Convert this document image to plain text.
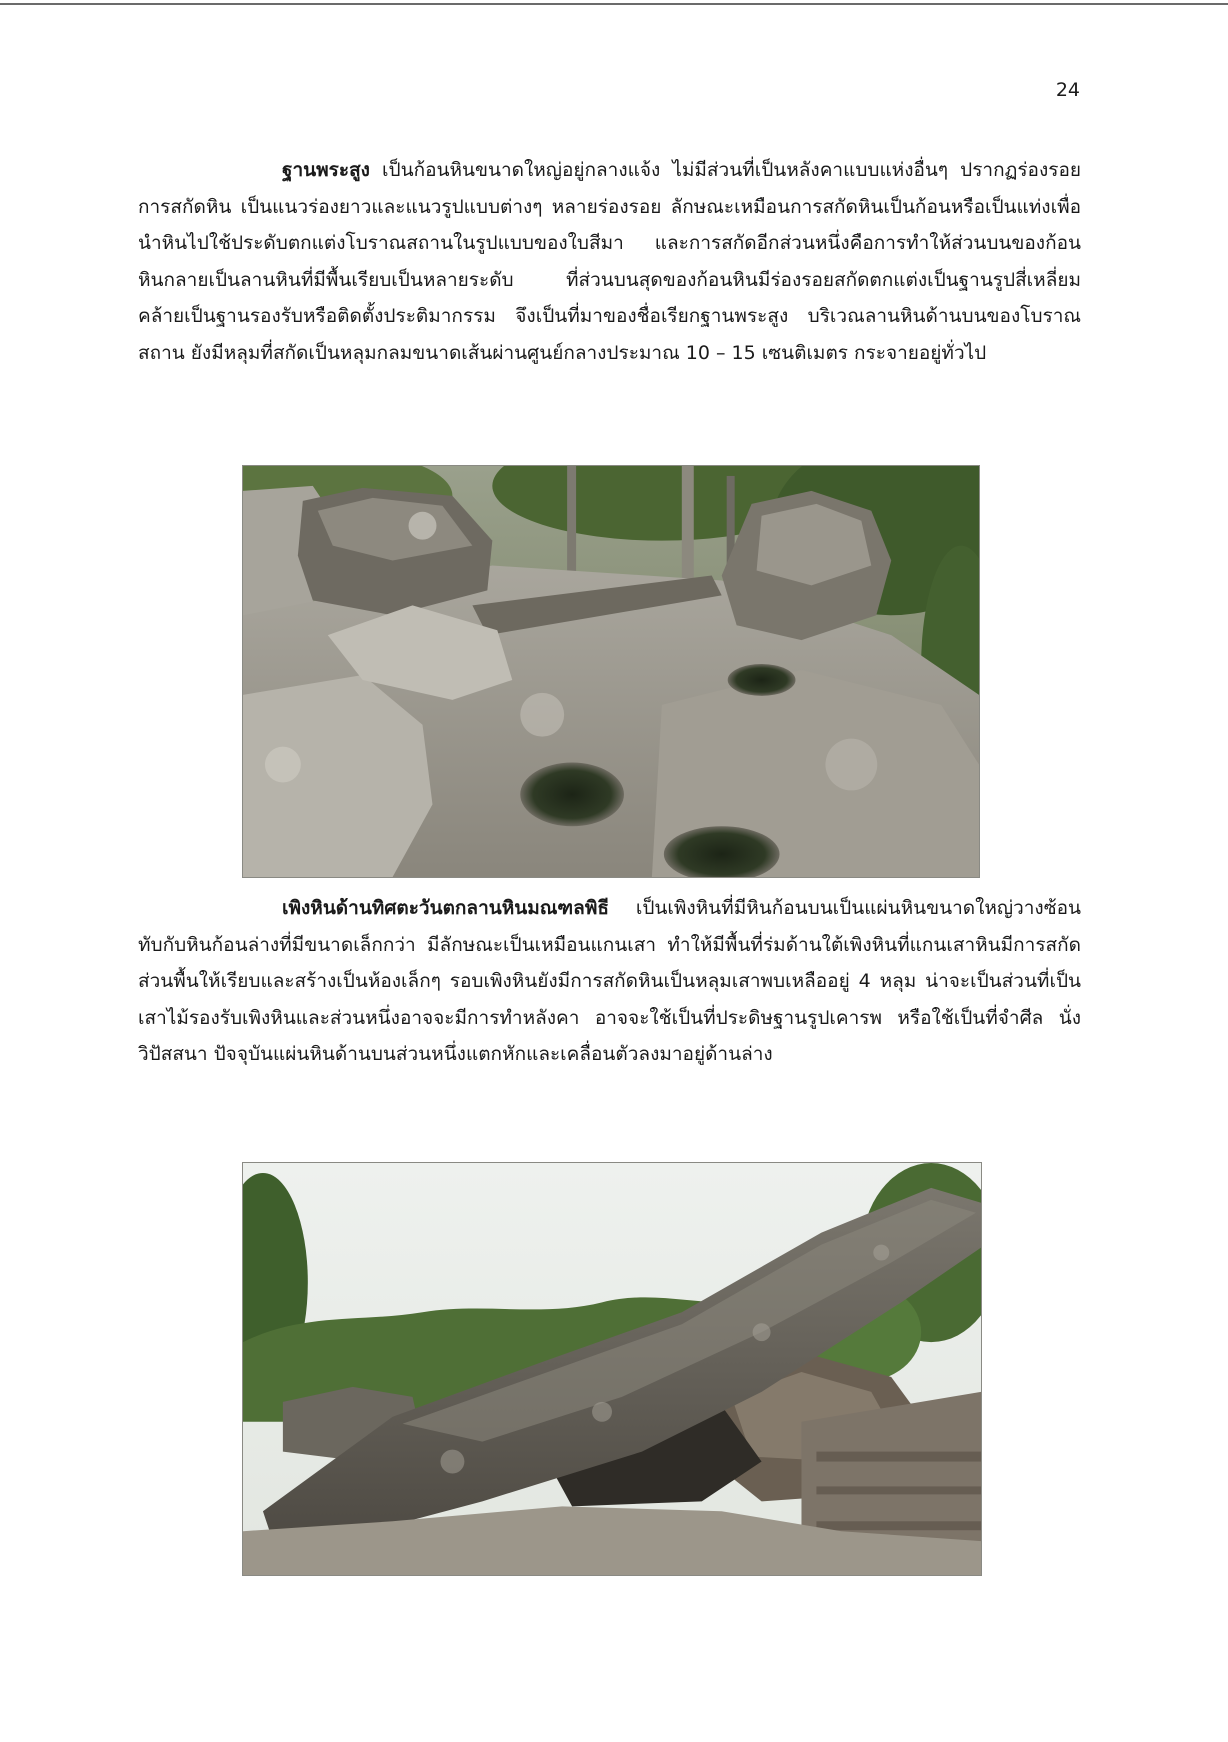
24

ฐานพระสูง เป็นก้อนหินขนาดใหญ่อยู่กลางแจ้ง ไม่มีส่วนที่เป็นหลังคาแบบแห่งอื่นๆ ปรากฏร่องรอยการสกัดหิน เป็นแนวร่องยาวและแนวรูปแบบต่างๆ หลายร่องรอย ลักษณะเหมือนการสกัดหินเป็นก้อนหรือเป็นแท่งเพื่อนำหินไปใช้ประดับตกแต่งโบราณสถานในรูปแบบของใบสีมา และการสกัดอีกส่วนหนึ่งคือการทำให้ส่วนบนของก้อนหินกลายเป็นลานหินที่มีพื้นเรียบเป็นหลายระดับ ที่ส่วนบนสุดของก้อนหินมีร่องรอยสกัดตกแต่งเป็นฐานรูปสี่เหลี่ยม คล้ายเป็นฐานรองรับหรือติดตั้งประติมากรรม จึงเป็นที่มาของชื่อเรียกฐานพระสูง บริเวณลานหินด้านบนของโบราณสถาน ยังมีหลุมที่สกัดเป็นหลุมกลมขนาดเส้นผ่านศูนย์กลางประมาณ 10 – 15 เซนติเมตร กระจายอยู่ทั่วไป

เพิงหินด้านทิศตะวันตกลานหินมณฑลพิธี เป็นเพิงหินที่มีหินก้อนบนเป็นแผ่นหินขนาดใหญ่วางซ้อนทับกับหินก้อนล่างที่มีขนาดเล็กกว่า มีลักษณะเป็นเหมือนแกนเสา ทำให้มีพื้นที่ร่มด้านใต้เพิงหินที่แกนเสาหินมีการสกัดส่วนพื้นให้เรียบและสร้างเป็นห้องเล็กๆ รอบเพิงหินยังมีการสกัดหินเป็นหลุมเสาพบเหลืออยู่ 4 หลุม น่าจะเป็นส่วนที่เป็นเสาไม้รองรับเพิงหินและส่วนหนึ่งอาจจะมีการทำหลังคา อาจจะใช้เป็นที่ประดิษฐานรูปเคารพ หรือใช้เป็นที่จำศีล นั่งวิปัสสนา ปัจจุบันแผ่นหินด้านบนส่วนหนึ่งแตกหักและเคลื่อนตัวลงมาอยู่ด้านล่าง
